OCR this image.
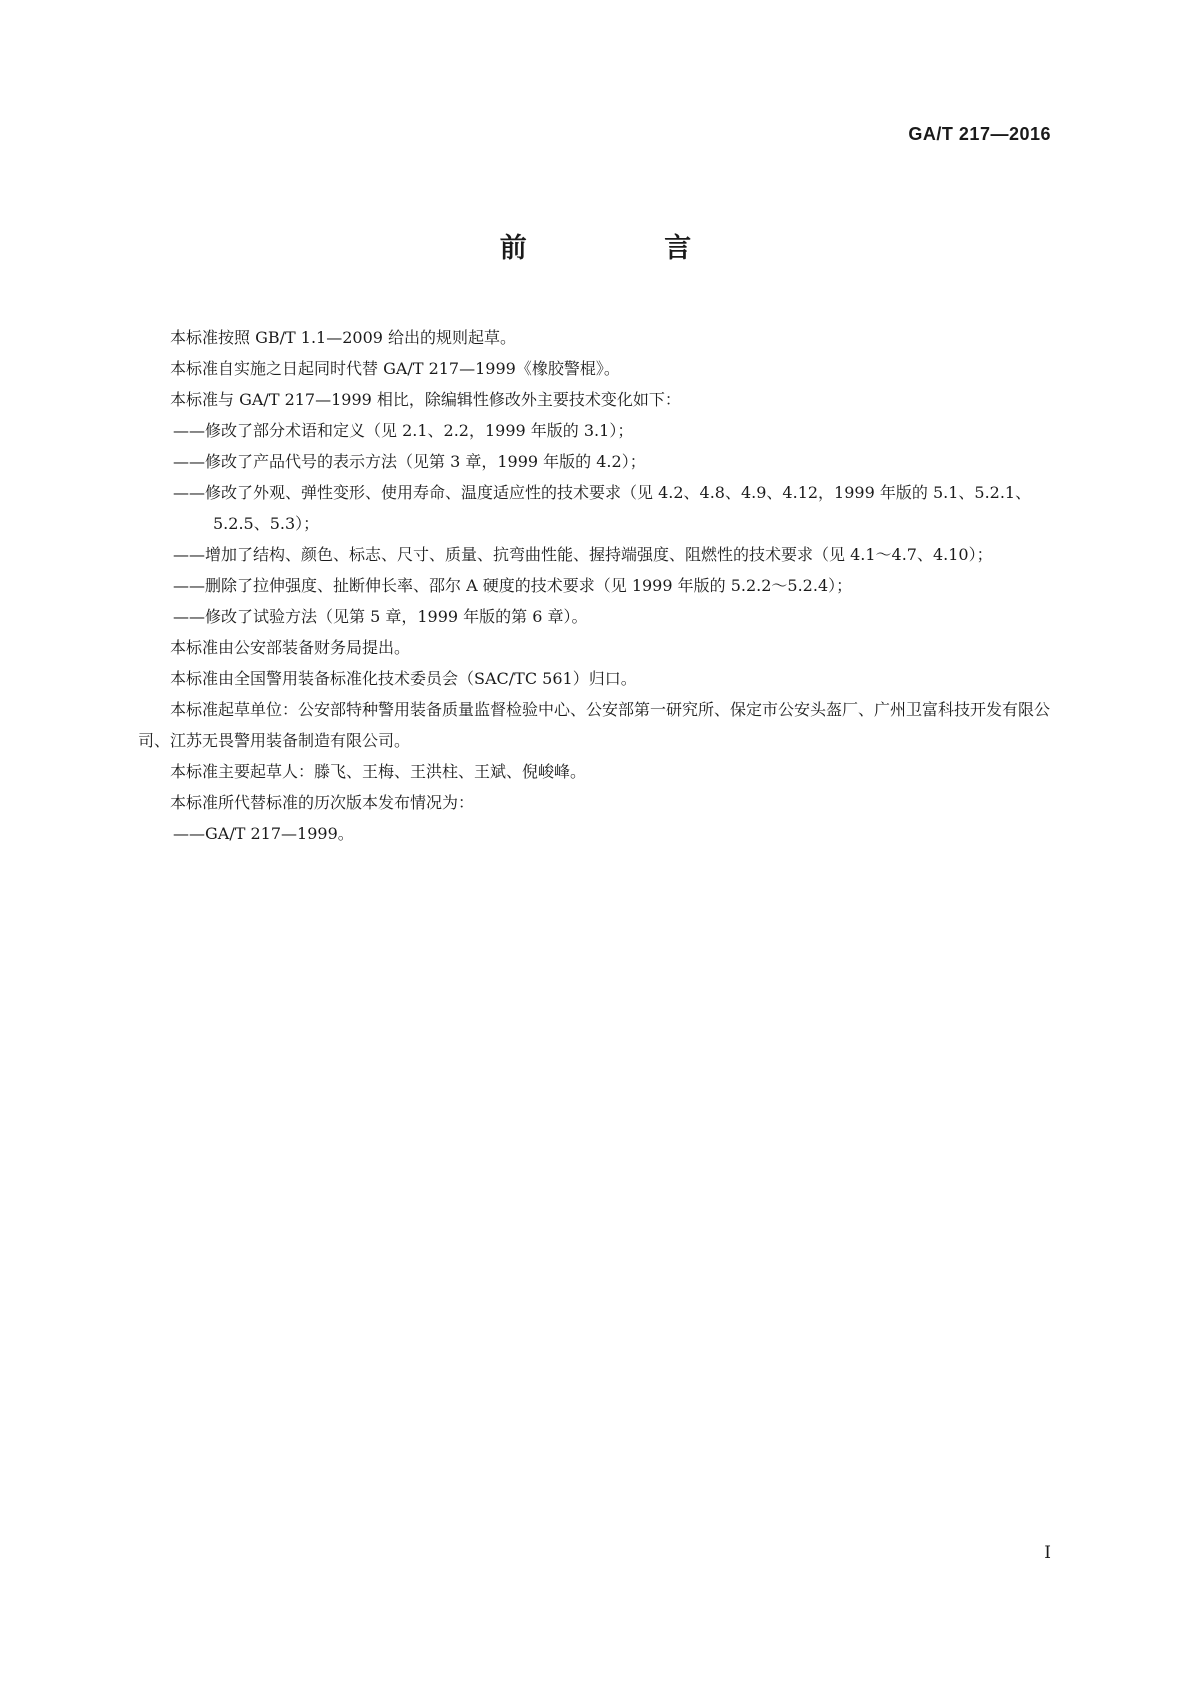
GA/T 217—2016
前 言

本标准按照 GB/T 1.1—2009 给出的规则起草。

本标准自实施之日起同时代替 GA/T 217—1999《橡胶警棍》。

本标准与 GA/T 217—1999 相比，除编辑性修改外主要技术变化如下：

——修改了部分术语和定义（见 2.1、2.2，1999 年版的 3.1）；

——修改了产品代号的表示方法（见第 3 章，1999 年版的 4.2）；

——修改了外观、弹性变形、使用寿命、温度适应性的技术要求（见 4.2、4.8、4.9、4.12，1999 年版的 5.1、5.2.1、5.2.5、5.3）；

——增加了结构、颜色、标志、尺寸、质量、抗弯曲性能、握持端强度、阻燃性的技术要求（见 4.1～4.7、4.10）；

——删除了拉伸强度、扯断伸长率、邵尔 A 硬度的技术要求（见 1999 年版的 5.2.2～5.2.4）；

——修改了试验方法（见第 5 章，1999 年版的第 6 章）。

本标准由公安部装备财务局提出。

本标准由全国警用装备标准化技术委员会（SAC/TC 561）归口。

本标准起草单位：公安部特种警用装备质量监督检验中心、公安部第一研究所、保定市公安头盔厂、广州卫富科技开发有限公司、江苏无畏警用装备制造有限公司。

本标准主要起草人：滕飞、王梅、王洪柱、王斌、倪峻峰。

本标准所代替标准的历次版本发布情况为：

——GA/T 217—1999。

I
